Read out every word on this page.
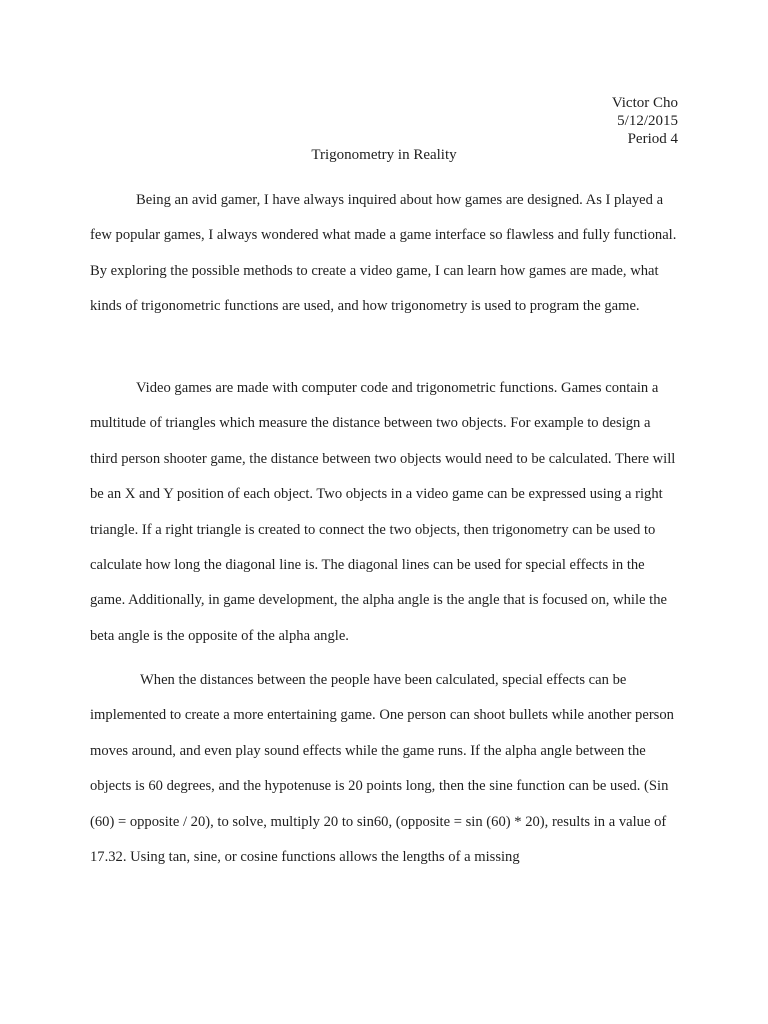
Victor Cho
5/12/2015
Period 4
Trigonometry in Reality

Being an avid gamer, I have always inquired about how games are designed. As I played a few popular games, I always wondered what made a game interface so flawless and fully functional. By exploring the possible methods to create a video game, I can learn how games are made, what kinds of trigonometric functions are used, and how trigonometry is used to program the game.

Video games are made with computer code and trigonometric functions. Games contain a multitude of triangles which measure the distance between two objects. For example to design a third person shooter game, the distance between two objects would need to be calculated. There will be an X and Y position of each object. Two objects in a video game can be expressed using a right triangle. If a right triangle is created to connect the two objects, then trigonometry can be used to calculate how long the diagonal line is. The diagonal lines can be used for special effects in the game. Additionally, in game development, the alpha angle is the angle that is focused on, while the beta angle is the opposite of the alpha angle.

When the distances between the people have been calculated, special effects can be implemented to create a more entertaining game. One person can shoot bullets while another person moves around, and even play sound effects while the game runs. If the alpha angle between the objects is 60 degrees, and the hypotenuse is 20 points long, then the sine function can be used. (Sin (60) = opposite / 20), to solve, multiply 20 to sin60, (opposite = sin (60) * 20), results in a value of 17.32. Using tan, sine, or cosine functions allows the lengths of a missing
